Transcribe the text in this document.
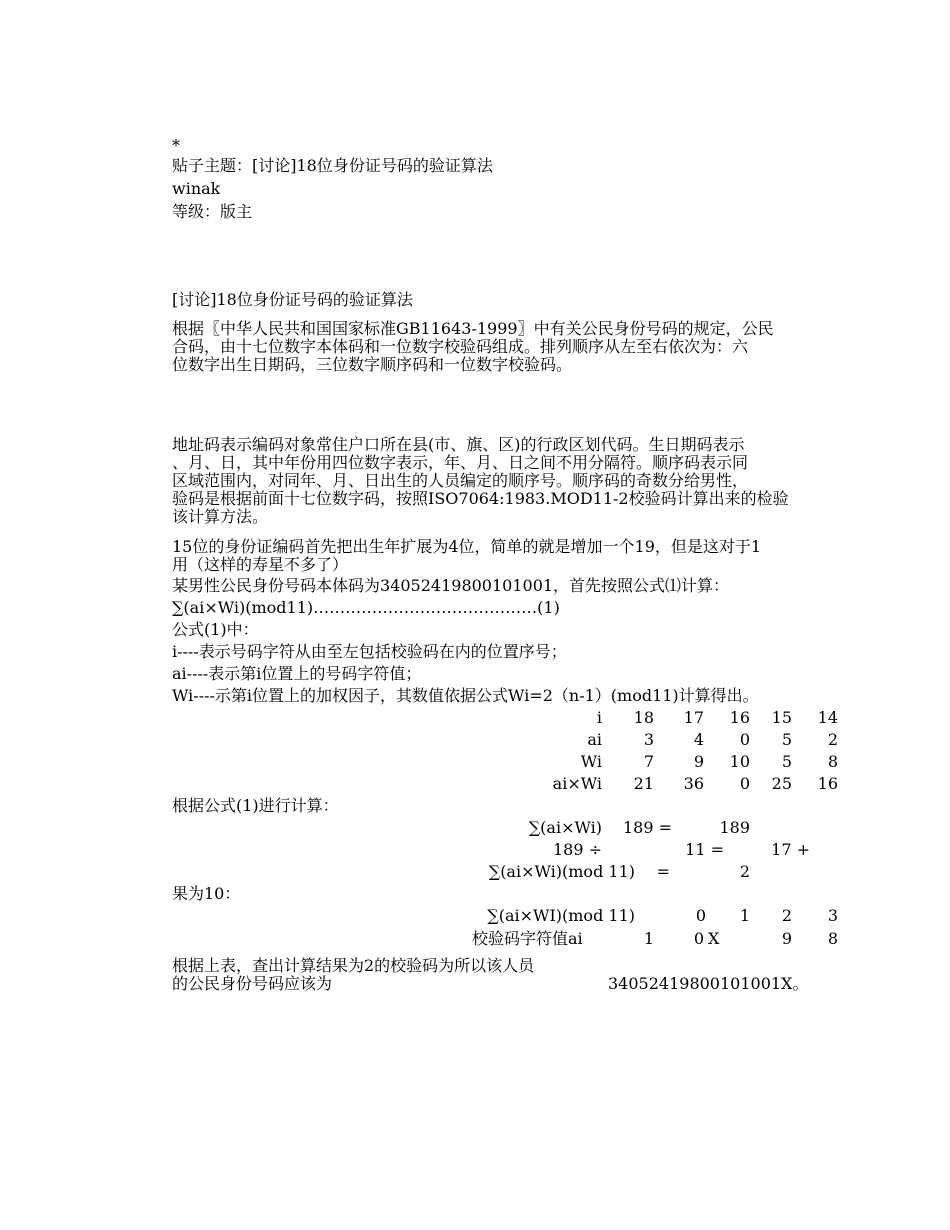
*
贴子主题：[讨论]18位身份证号码的验证算法
winak
等级：版主
[讨论]18位身份证号码的验证算法
根据〖中华人民共和国国家标准GB11643-1999〗中有关公民身份号码的规定，公民
合码，由十七位数字本体码和一位数字校验码组成。排列顺序从左至右依次为：六
位数字出生日期码，三位数字顺序码和一位数字校验码。
地址码表示编码对象常住户口所在县(市、旗、区)的行政区划代码。生日期码表示
、月、日，其中年份用四位数字表示，年、月、日之间不用分隔符。顺序码表示同
区域范围内，对同年、月、日出生的人员编定的顺序号。顺序码的奇数分给男性，
验码是根据前面十七位数字码，按照ISO7064:1983.MOD11-2校验码计算出来的检验
该计算方法。
15位的身份证编码首先把出生年扩展为4位，简单的就是增加一个19，但是这对于1
用（这样的寿星不多了）
某男性公民身份号码本体码为34052419800101001，首先按照公式⑴计算：
∑(ai×Wi)(mod11)……………………………………(1)
公式(1)中：
i----表示号码字符从由至左包括校验码在内的位置序号；
ai----表示第i位置上的号码字符值；
Wi----示第i位置上的加权因子，其数值依据公式Wi=2（n-1）(mod11)计算得出。
i	18	17	16	15	14
ai	3	4	0	5	2
Wi	7	9	10	5	8
ai×Wi	21	36	0	25	16
根据公式(1)进行计算：
∑(ai×Wi)	189 =	189
189 ÷	11 =	17 +
∑(ai×Wi)(mod 11)	=	2
果为10：
∑(ai×WI)(mod 11)	0	1	2	3
校验码字符值ai	1	0 X	9	8
根据上表，查出计算结果为2的校验码为所以该人员
的公民身份号码应该为	34052419800101001X。
